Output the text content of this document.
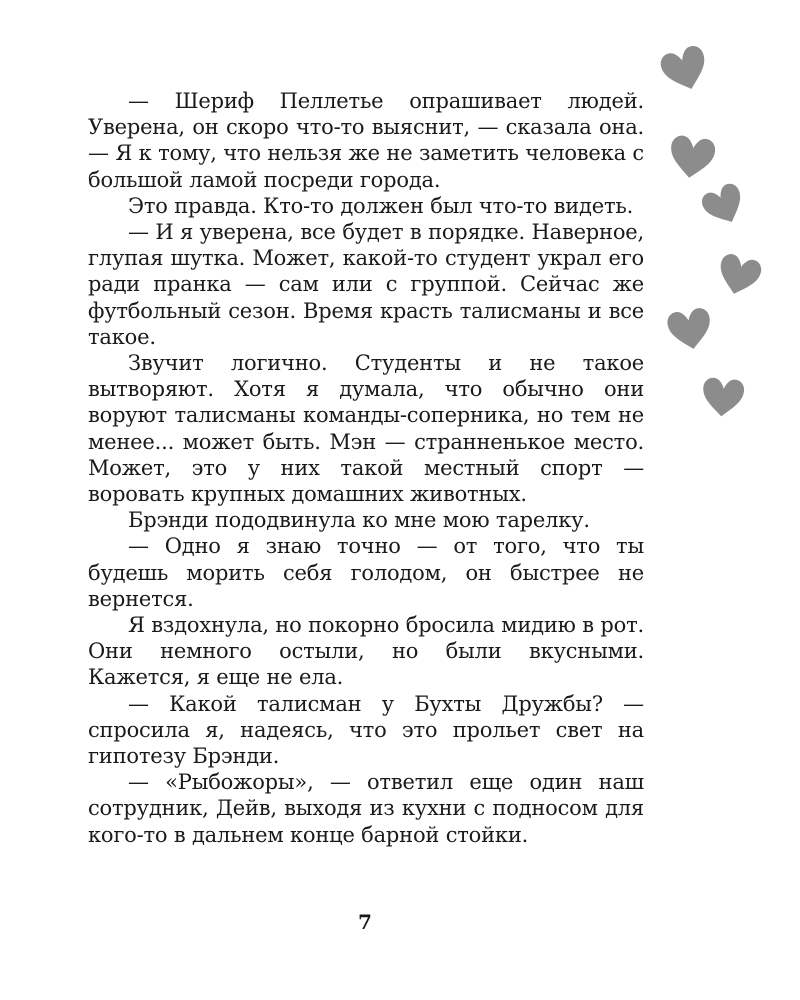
— Шериф Пеллетье опрашивает людей. Уверена, он скоро что-то выяснит, — сказала она. — Я к тому, что нельзя же не заметить человека с большой ламой посреди города.

Это правда. Кто-то должен был что-то видеть.

— И я уверена, все будет в порядке. Наверное, глупая шутка. Может, какой-то студент украл его ради пранка — сам или с группой. Сейчас же футбольный сезон. Время красть талисманы и все такое.

Звучит логично. Студенты и не такое вытворяют. Хотя я думала, что обычно они воруют талисманы команды-соперника, но тем не менее... может быть. Мэн — странненькое место. Может, это у них такой местный спорт — воровать крупных домашних животных.

Брэнди пододвинула ко мне мою тарелку.

— Одно я знаю точно — от того, что ты будешь морить себя голодом, он быстрее не вернется.

Я вздохнула, но покорно бросила мидию в рот. Они немного остыли, но были вкусными. Кажется, я еще не ела.

— Какой талисман у Бухты Дружбы? — спросила я, надеясь, что это прольет свет на гипотезу Брэнди.

— «Рыбожоры», — ответил еще один наш сотрудник, Дейв, выходя из кухни с подносом для кого-то в дальнем конце барной стойки.

7
